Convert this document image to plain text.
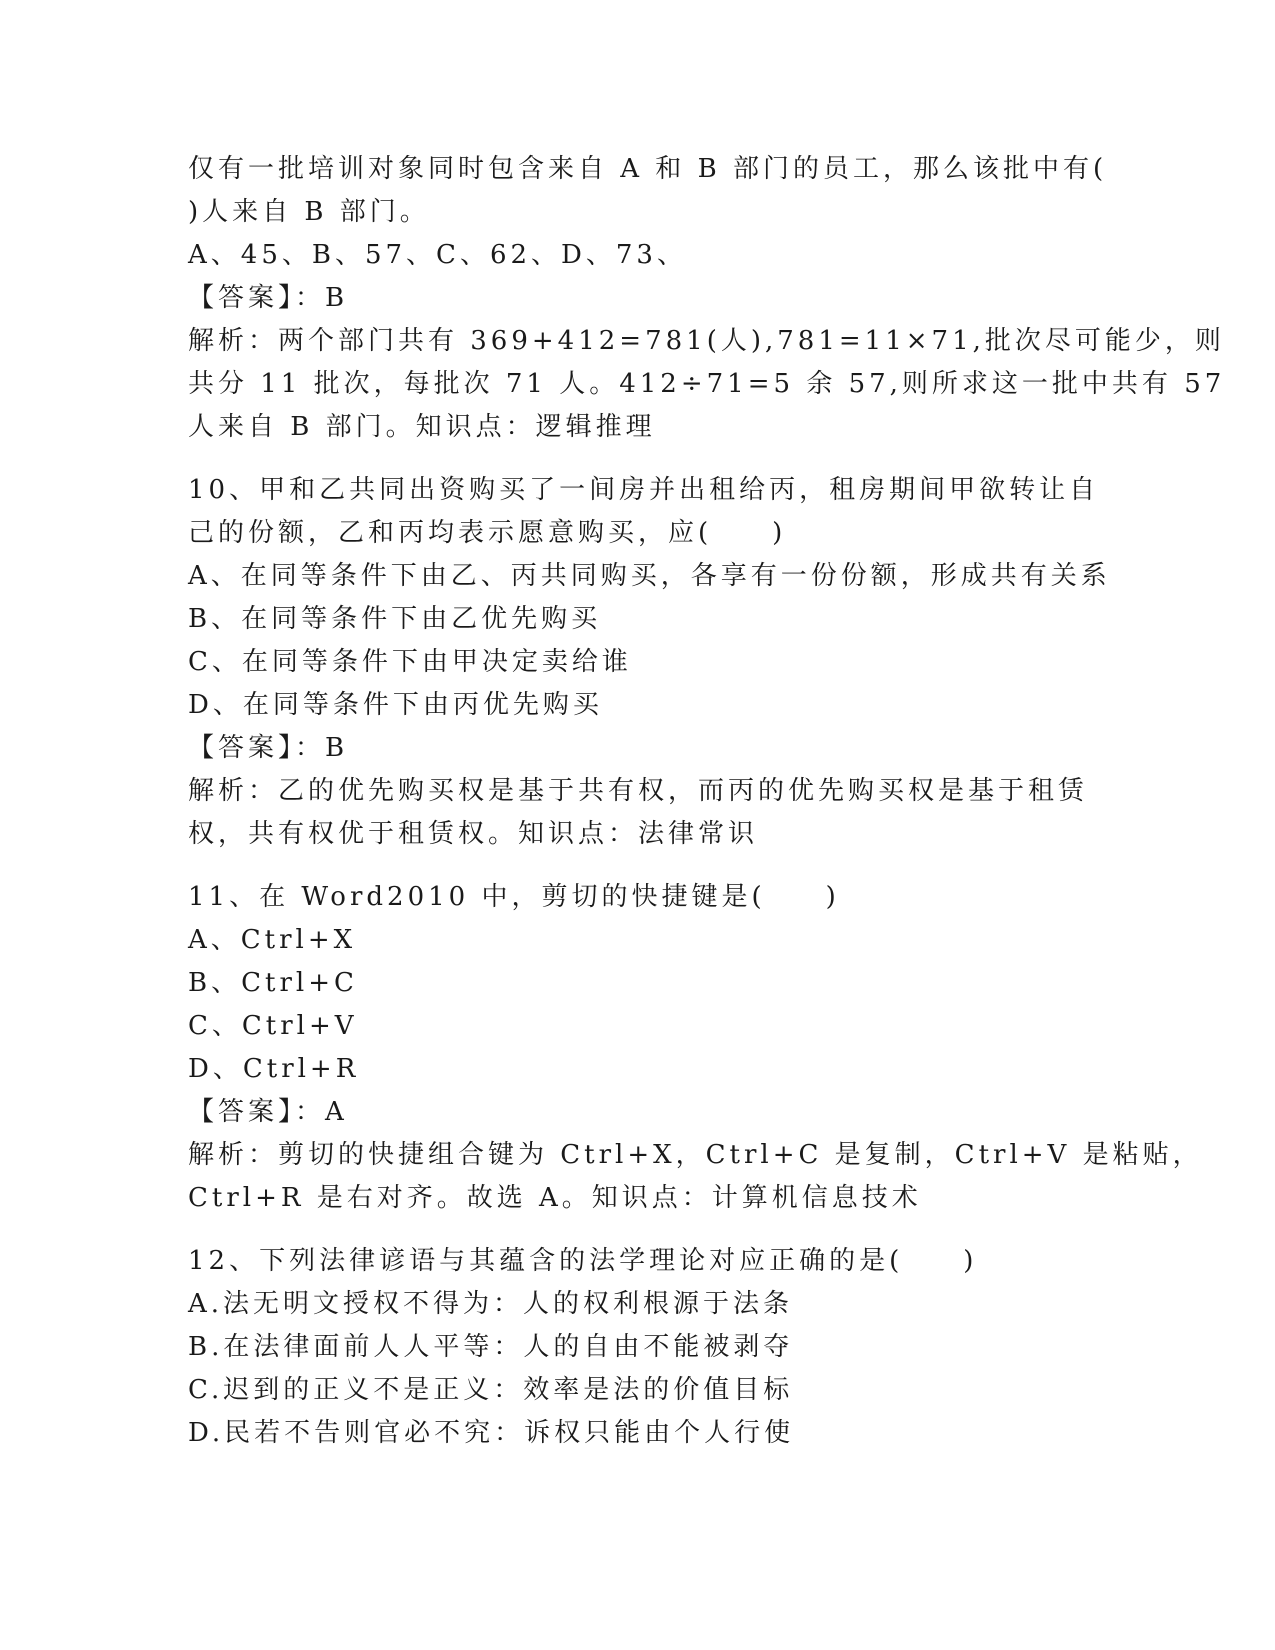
仅有一批培训对象同时包含来自 A 和 B 部门的员工，那么该批中有(
)人来自 B 部门。
A、45、B、57、C、62、D、73、
【答案】：B
解析：两个部门共有 369+412=781(人),781=11×71,批次尽可能少，则
共分 11 批次，每批次 71 人。412÷71=5 余 57,则所求这一批中共有 57
人来自 B 部门。知识点：逻辑推理
10、甲和乙共同出资购买了一间房并出租给丙，租房期间甲欲转让自
己的份额，乙和丙均表示愿意购买，应(　　)
A、在同等条件下由乙、丙共同购买，各享有一份份额，形成共有关系
B、在同等条件下由乙优先购买
C、在同等条件下由甲决定卖给谁
D、在同等条件下由丙优先购买
【答案】：B
解析：乙的优先购买权是基于共有权，而丙的优先购买权是基于租赁
权，共有权优于租赁权。知识点：法律常识
11、在 Word2010 中，剪切的快捷键是(　　)
A、Ctrl+X
B、Ctrl+C
C、Ctrl+V
D、Ctrl+R
【答案】：A
解析：剪切的快捷组合键为 Ctrl+X，Ctrl+C 是复制，Ctrl+V 是粘贴，
Ctrl+R 是右对齐。故选 A。知识点：计算机信息技术
12、下列法律谚语与其蕴含的法学理论对应正确的是(　　)
A.法无明文授权不得为：人的权利根源于法条
B.在法律面前人人平等：人的自由不能被剥夺
C.迟到的正义不是正义：效率是法的价值目标
D.民若不告则官必不究：诉权只能由个人行使
